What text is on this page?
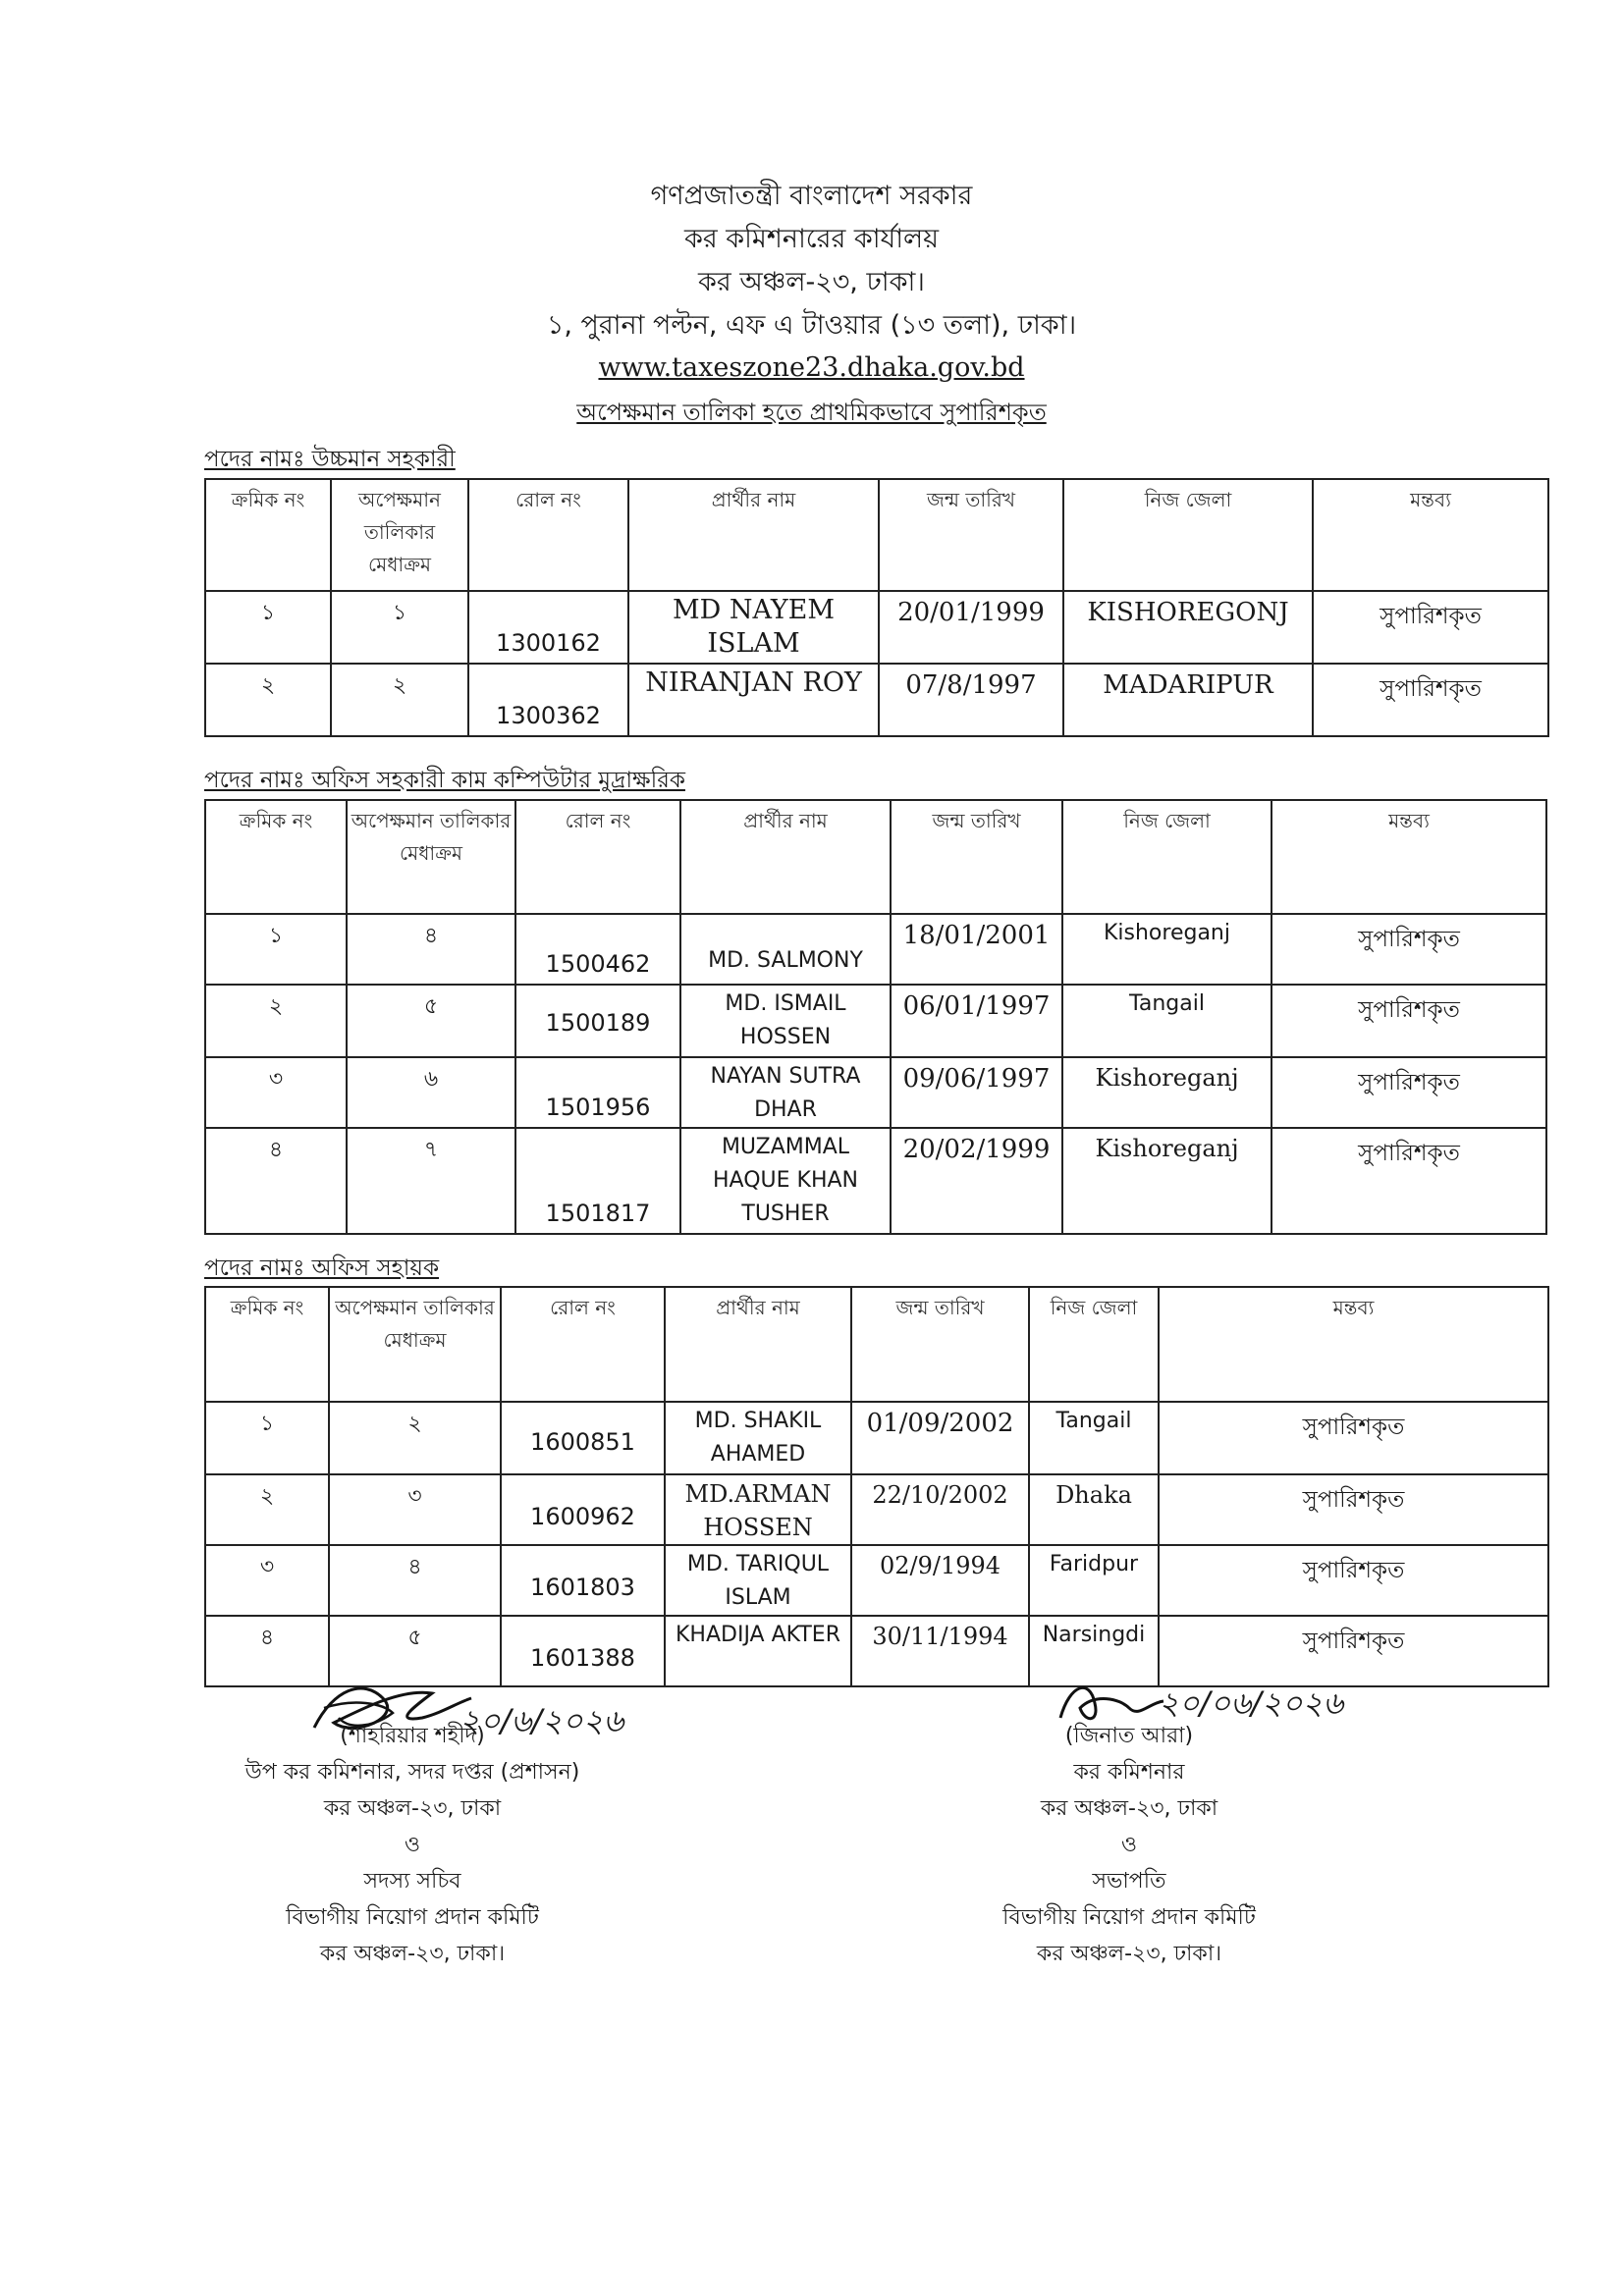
গণপ্রজাতন্ত্রী বাংলাদেশ সরকার
কর কমিশনারের কার্যালয়
কর অঞ্চল-২৩, ঢাকা।
১, পুরানা পল্টন, এফ এ টাওয়ার (১৩ তলা), ঢাকা।
www.taxeszone23.dhaka.gov.bd
অপেক্ষমান তালিকা হতে প্রাথমিকভাবে সুপারিশকৃত
পদের নামঃ উচ্চমান সহকারী
ক্রমিক নং	অপেক্ষমান তালিকার মেধাক্রম	রোল নং	প্রার্থীর নাম	জন্ম তারিখ	নিজ জেলা	মন্তব্য

১	১	1300162	MD NAYEM ISLAM	20/01/1999	KISHOREGONJ	সুপারিশকৃত

২	২	1300362	NIRANJAN ROY	07/8/1997	MADARIPUR	সুপারিশকৃত
পদের নামঃ অফিস সহকারী কাম কম্পিউটার মুদ্রাক্ষরিক
ক্রমিক নং	অপেক্ষমান তালিকার মেধাক্রম	রোল নং	প্রার্থীর নাম	জন্ম তারিখ	নিজ জেলা	মন্তব্য

১	৪	1500462	MD. SALMONY	18/01/2001	Kishoreganj	সুপারিশকৃত

২	৫	1500189	MD. ISMAIL HOSSEN	06/01/1997	Tangail	সুপারিশকৃত

৩	৬	1501956	NAYAN SUTRA DHAR	09/06/1997	Kishoreganj	সুপারিশকৃত

৪	৭	1501817	MUZAMMAL HAQUE KHAN TUSHER	20/02/1999	Kishoreganj	সুপারিশকৃত
পদের নামঃ অফিস সহায়ক
ক্রমিক নং	অপেক্ষমান তালিকার মেধাক্রম	রোল নং	প্রার্থীর নাম	জন্ম তারিখ	নিজ জেলা	মন্তব্য

১	২	1600851	MD. SHAKIL AHAMED	01/09/2002	Tangail	সুপারিশকৃত

২	৩	1600962	MD.ARMAN HOSSEN	22/10/2002	Dhaka	সুপারিশকৃত

৩	৪	1601803	MD. TARIQUL ISLAM	02/9/1994	Faridpur	সুপারিশকৃত

৪	৫	1601388	KHADIJA AKTER	30/11/1994	Narsingdi	সুপারিশকৃত
২০/৬/২০২৬
(শাহরিয়ার শহীদ)
উপ কর কমিশনার, সদর দপ্তর (প্রশাসন)
কর অঞ্চল-২৩, ঢাকা
ও
সদস্য সচিব
বিভাগীয় নিয়োগ প্রদান কমিটি
কর অঞ্চল-২৩, ঢাকা।
২০/০৬/২০২৬
(জিনাত আরা)
কর কমিশনার
কর অঞ্চল-২৩, ঢাকা
ও
সভাপতি
বিভাগীয় নিয়োগ প্রদান কমিটি
কর অঞ্চল-২৩, ঢাকা।
